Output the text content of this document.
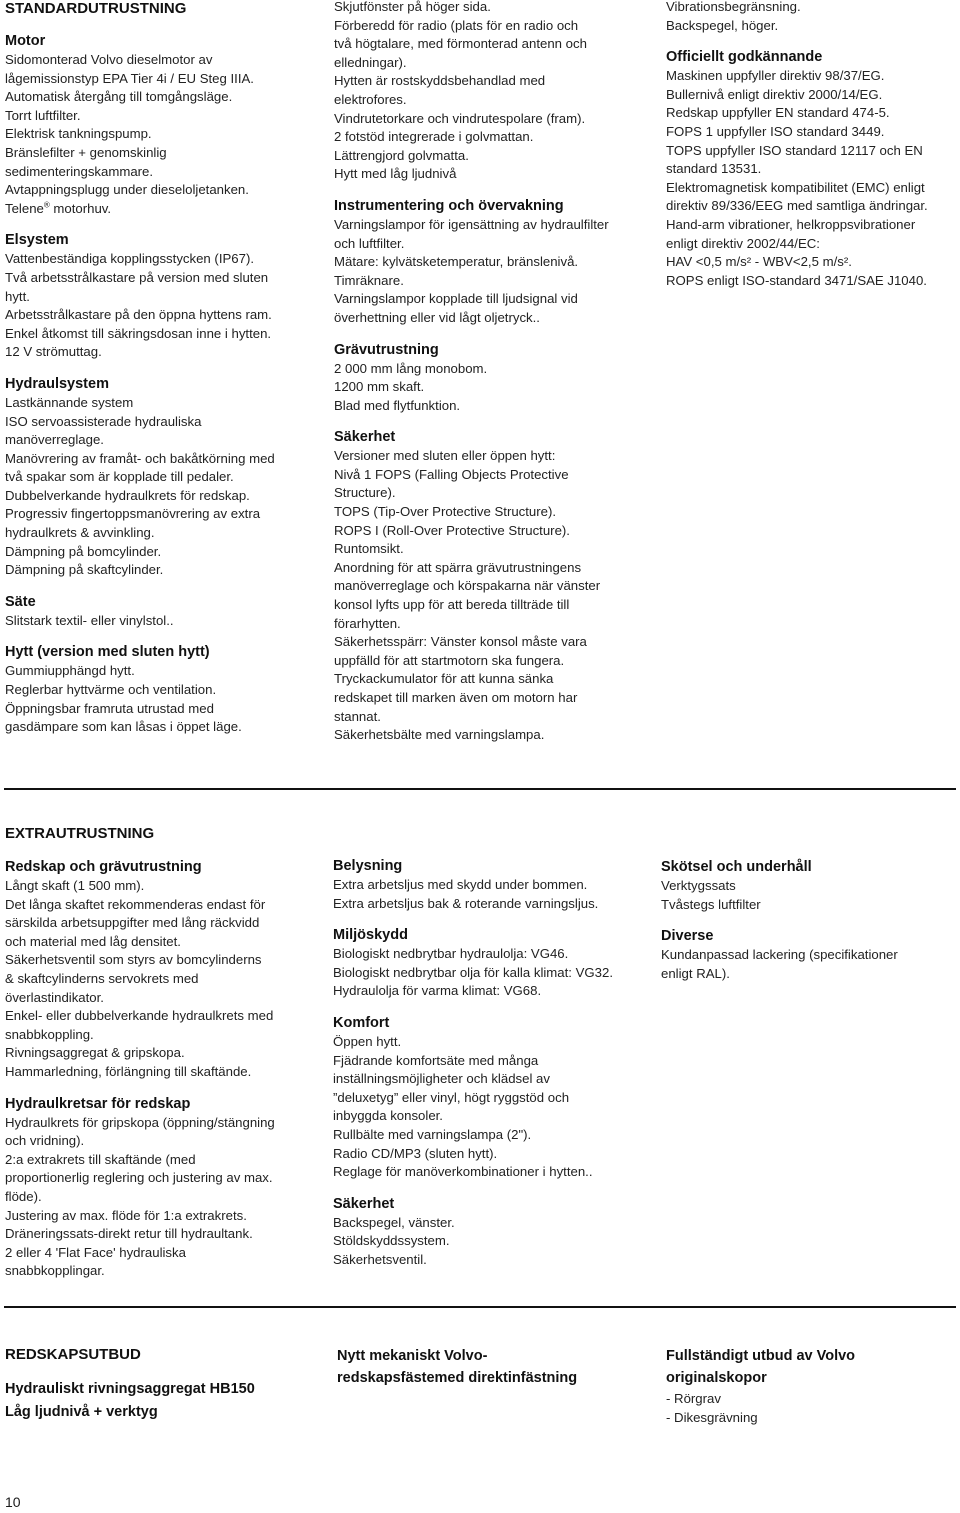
STANDARDUTRUSTNING

Motor

Sidomonterad Volvo dieselmotor av

lågemissionstyp EPA Tier 4i / EU Steg IIIA.

Automatisk återgång till tomgångsläge.

Torrt luftfilter.

Elektrisk tankningspump.

Bränslefilter + genomskinlig

sedimenteringskammare.

Avtappningsplugg under dieseloljetanken.

Telene® motorhuv.

Elsystem

Vattenbeständiga kopplingsstycken (IP67).

Två arbetsstrålkastare på version med sluten

hytt.

Arbetsstrålkastare på den öppna hyttens ram.

Enkel åtkomst till säkringsdosan inne i hytten.

12 V strömuttag.

Hydraulsystem

Lastkännande system

ISO servoassisterade hydrauliska

manöverreglage.

Manövrering av framåt- och bakåtkörning med

två spakar som är kopplade till pedaler.

Dubbelverkande hydraulkrets för redskap.

Progressiv fingertoppsmanövrering av extra

hydraulkrets & avvinkling.

Dämpning på bomcylinder.

Dämpning på skaftcylinder.

Säte

Slitstark textil- eller vinylstol..

Hytt (version med sluten hytt)

Gummiupphängd hytt.

Reglerbar hyttvärme och ventilation.

Öppningsbar framruta utrustad med

gasdämpare som kan låsas i öppet läge.

Skjutfönster på höger sida.

Förberedd för radio (plats för en radio och

två högtalare, med förmonterad antenn och

elledningar).

Hytten är rostskyddsbehandlad med

elektrofores.

Vindrutetorkare och vindrutespolare (fram).

2 fotstöd integrerade i golvmattan.

Lättrengjord golvmatta.

Hytt med låg ljudnivå

Instrumentering och övervakning

Varningslampor för igensättning av hydraulfilter

och luftfilter.

Mätare: kylvätsketemperatur, bränslenivå.

Timräknare.

Varningslampor kopplade till ljudsignal vid

överhettning eller vid lågt oljetryck..

Grävutrustning

2 000 mm lång monobom.

1200 mm skaft.

Blad med flytfunktion.

Säkerhet

Versioner med sluten eller öppen hytt:

Nivå 1 FOPS (Falling Objects Protective

Structure).

TOPS (Tip-Over Protective Structure).

ROPS I (Roll-Over Protective Structure).

Runtomsikt.

Anordning för att spärra grävutrustningens

manöverreglage och körspakarna när vänster

konsol lyfts upp för att bereda tillträde till

förarhytten.

Säkerhetsspärr: Vänster konsol måste vara

uppfälld för att startmotorn ska fungera.

Tryckackumulator för att kunna sänka

redskapet till marken även om motorn har

stannat.

Säkerhetsbälte med varningslampa.

Vibrationsbegränsning.

Backspegel, höger.

Officiellt godkännande

Maskinen uppfyller direktiv 98/37/EG.

Bullernivå enligt direktiv 2000/14/EG.

Redskap uppfyller EN standard 474-5.

FOPS 1 uppfyller ISO standard 3449.

TOPS uppfyller ISO standard 12117 och EN

standard 13531.

Elektromagnetisk kompatibilitet (EMC) enligt

direktiv 89/336/EEG med samtliga ändringar.

Hand-arm vibrationer, helkroppsvibrationer

enligt direktiv 2002/44/EC:

HAV <0,5 m/s² - WBV<2,5 m/s².

ROPS enligt ISO-standard 3471/SAE J1040.

EXTRAUTRUSTNING

Redskap och grävutrustning

Långt skaft (1 500 mm).

Det långa skaftet rekommenderas endast för

särskilda arbetsuppgifter med lång räckvidd

och material med låg densitet.

Säkerhetsventil som styrs av bomcylinderns

& skaftcylinderns servokrets med

överlastindikator.

Enkel- eller dubbelverkande hydraulkrets med

snabbkoppling.

Rivningsaggregat & gripskopa.

Hammarledning, förlängning till skaftände.

Hydraulkretsar för redskap

Hydraulkrets för gripskopa (öppning/stängning

och vridning).

2:a extrakrets till skaftände (med

proportionerlig reglering och justering av max.

flöde).

Justering av max. flöde för 1:a extrakrets.

Dräneringssats-direkt retur till hydraultank.

2 eller 4 'Flat Face' hydrauliska

snabbkopplingar.

Belysning

Extra arbetsljus med skydd under bommen.

Extra arbetsljus bak & roterande varningsljus.

Miljöskydd

Biologiskt nedbrytbar hydraulolja: VG46.

Biologiskt nedbrytbar olja för kalla klimat: VG32.

Hydraulolja för varma klimat: VG68.

Komfort

Öppen hytt.

Fjädrande komfortsäte med många

inställningsmöjligheter och klädsel av

”deluxetyg” eller vinyl, högt ryggstöd och

inbyggda konsoler.

Rullbälte med varningslampa (2").

Radio CD/MP3 (sluten hytt).

Reglage för manöverkombinationer i hytten..

Säkerhet

Backspegel, vänster.

Stöldskyddssystem.

Säkerhetsventil.

Skötsel och underhåll

Verktygssats

Tvåstegs luftfilter

Diverse

Kundanpassad lackering (specifikationer

enligt RAL).

REDSKAPSUTBUD

Hydrauliskt rivningsaggregat HB150

Låg ljudnivå + verktyg

Nytt mekaniskt Volvo-

redskapsfästemed direktinfästning

Fullständigt utbud av Volvo

originalskopor

- Rörgrav

- Dikesgrävning

10
